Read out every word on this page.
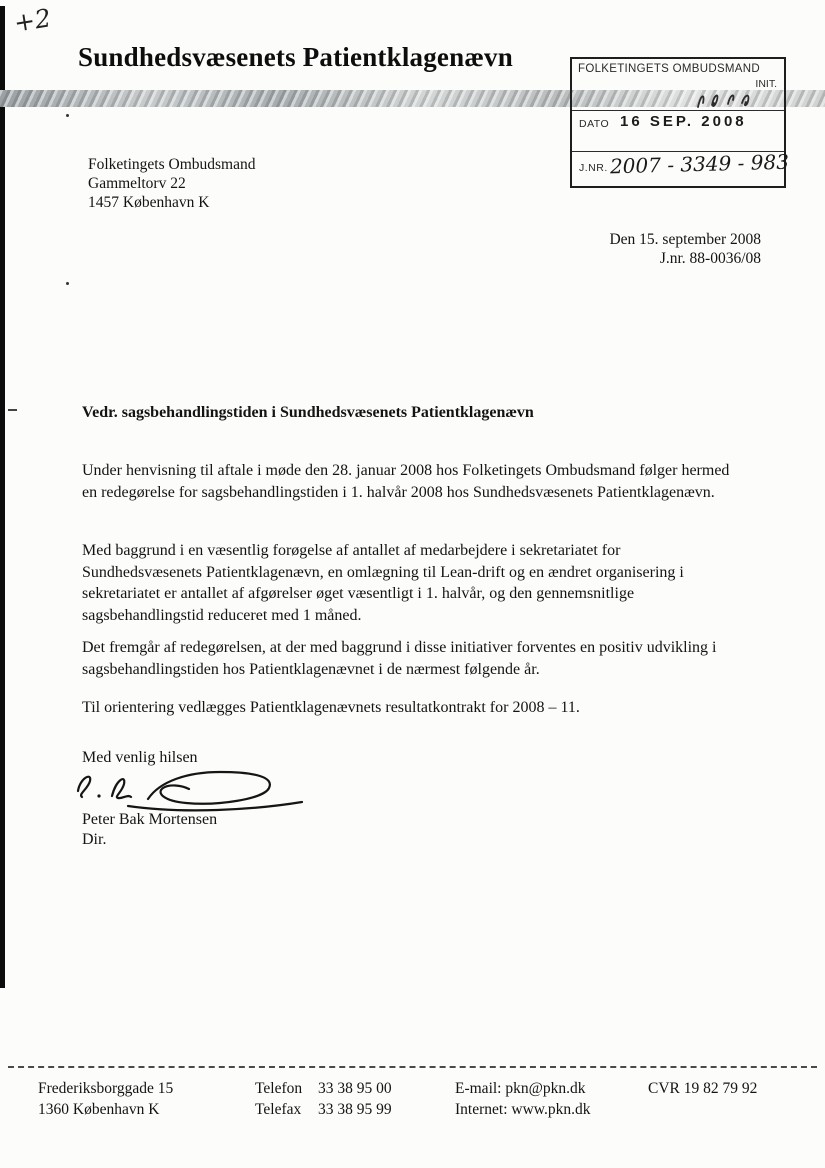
+2
Sundhedsvæsenets Patientklagenævn	FOLKETINGETS OMBUDSMAND
INIT.
DATO 16 SEP. 2008
J.NR. 2007 - 3349 - 983
Folketingets Ombudsmand
Gammeltorv 22
1457 København K
Den 15. september 2008
J.nr. 88-0036/08
Vedr. sagsbehandlingstiden i Sundhedsvæsenets Patientklagenævn
Under henvisning til aftale i møde den 28. januar 2008 hos Folketingets Ombudsmand følger hermed en redegørelse for sagsbehandlingstiden i 1. halvår 2008 hos Sundhedsvæsenets Patientklagenævn.
Med baggrund i en væsentlig forøgelse af antallet af medarbejdere i sekretariatet for Sundhedsvæsenets Patientklagenævn, en omlægning til Lean-drift og en ændret organisering i sekretariatet er antallet af afgørelser øget væsentligt i 1. halvår, og den gennemsnitlige sagsbehandlingstid reduceret med 1 måned.
Det fremgår af redegørelsen, at der med baggrund i disse initiativer forventes en positiv udvikling i sagsbehandlingstiden hos Patientklagenævnet i de nærmest følgende år.
Til orientering vedlægges Patientklagenævnets resultatkontrakt for 2008 – 11.
Med venlig hilsen
Peter Bak Mortensen
Dir.
Frederiksborggade 15
1360 København K
Telefon	33 38 95 00
Telefax	33 38 95 99
E-mail: pkn@pkn.dk
Internet: www.pkn.dk
CVR 19 82 79 92
